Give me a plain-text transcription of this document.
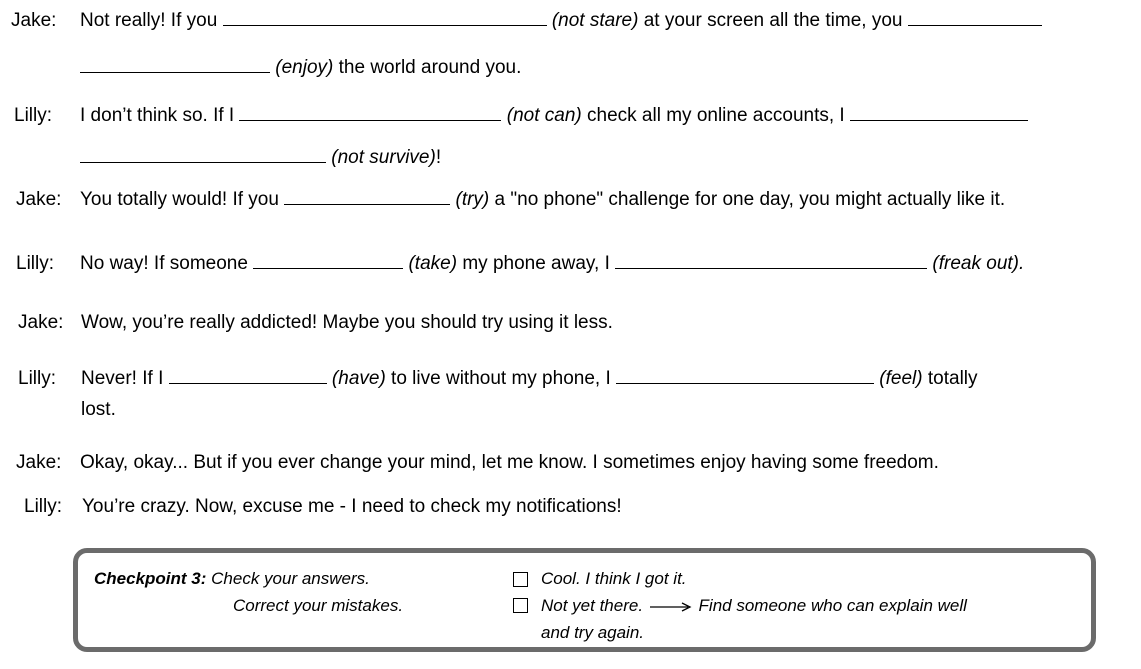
Jake: Not really! If you	(not stare) at your screen all the time, you
(enjoy) the world around you.
Lilly: I don’t think so. If I	(not can) check all my online accounts, I
(not survive)!
Jake: You totally would! If you	(try) a "no phone" challenge for one day, you might actually like it.
Lilly: No way! If someone	(take) my phone away, I	(freak out).
Jake: Wow, you’re really addicted! Maybe you should try using it less.
Lilly: Never! If I	(have) to live without my phone, I	(feel) totally
lost.
Jake: Okay, okay... But if you ever change your mind, let me know. I sometimes enjoy having some freedom.
Lilly: You’re crazy. Now, excuse me - I need to check my notifications!
Checkpoint 3: Check your answers.
Correct your mistakes.
Cool. I think I got it.
Not yet there.	Find someone who can explain well
and try again.
